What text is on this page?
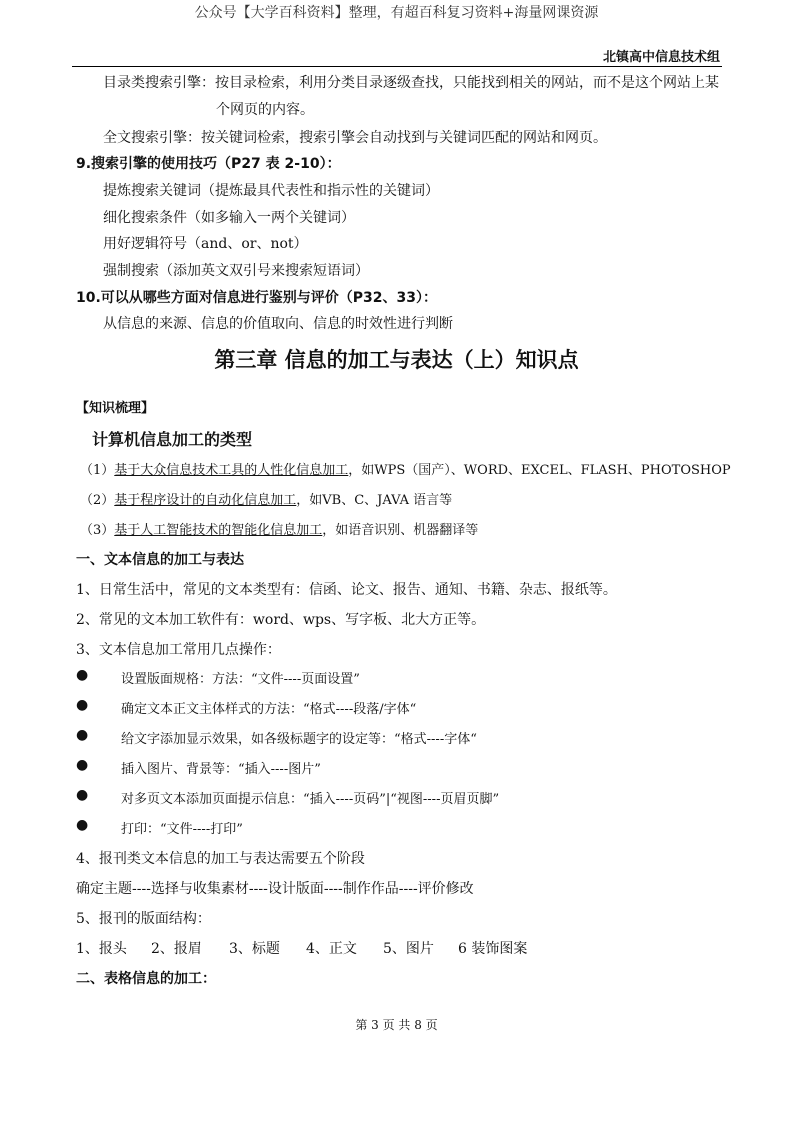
公众号【大学百科资料】整理，有超百科复习资料+海量网课资源
北镇高中信息技术组
目录类搜索引擎：按目录检索，利用分类目录逐级查找，只能找到相关的网站，而不是这个网站上某
个网页的内容。
全文搜索引擎：按关键词检索，搜索引擎会自动找到与关键词匹配的网站和网页。
9.搜索引擎的使用技巧（P27 表 2-10）：
提炼搜索关键词（提炼最具代表性和指示性的关键词）
细化搜索条件（如多输入一两个关键词）
用好逻辑符号（and、or、not）
强制搜索（添加英文双引号来搜索短语词）
10.可以从哪些方面对信息进行鉴别与评价（P32、33）：
从信息的来源、信息的价值取向、信息的时效性进行判断
第三章 信息的加工与表达（上）知识点
【知识梳理】
计算机信息加工的类型
（1）基于大众信息技术工具的人性化信息加工，如WPS（国产）、WORD、EXCEL、FLASH、PHOTOSHOP
（2）基于程序设计的自动化信息加工，如VB、C、JAVA 语言等
（3）基于人工智能技术的智能化信息加工，如语音识别、机器翻译等
一、文本信息的加工与表达
1、日常生活中，常见的文本类型有：信函、论文、报告、通知、书籍、杂志、报纸等。
2、常见的文本加工软件有：word、wps、写字板、北大方正等。
3、文本信息加工常用几点操作：
●	设置版面规格：方法：“文件----页面设置”
●	确定文本正文主体样式的方法：“格式----段落/字体“
●	给文字添加显示效果，如各级标题字的设定等：“格式----字体“
●	插入图片、背景等：“插入----图片”
●	对多页文本添加页面提示信息：“插入----页码”|“视图----页眉页脚”
●	打印：“文件----打印”
4、报刊类文本信息的加工与表达需要五个阶段
确定主题----选择与收集素材----设计版面----制作作品----评价修改
5、报刊的版面结构：
1、报头 2、报眉 3、标题 4、正文 5、图片 6 装饰图案
二、表格信息的加工：
第 3 页 共 8 页
